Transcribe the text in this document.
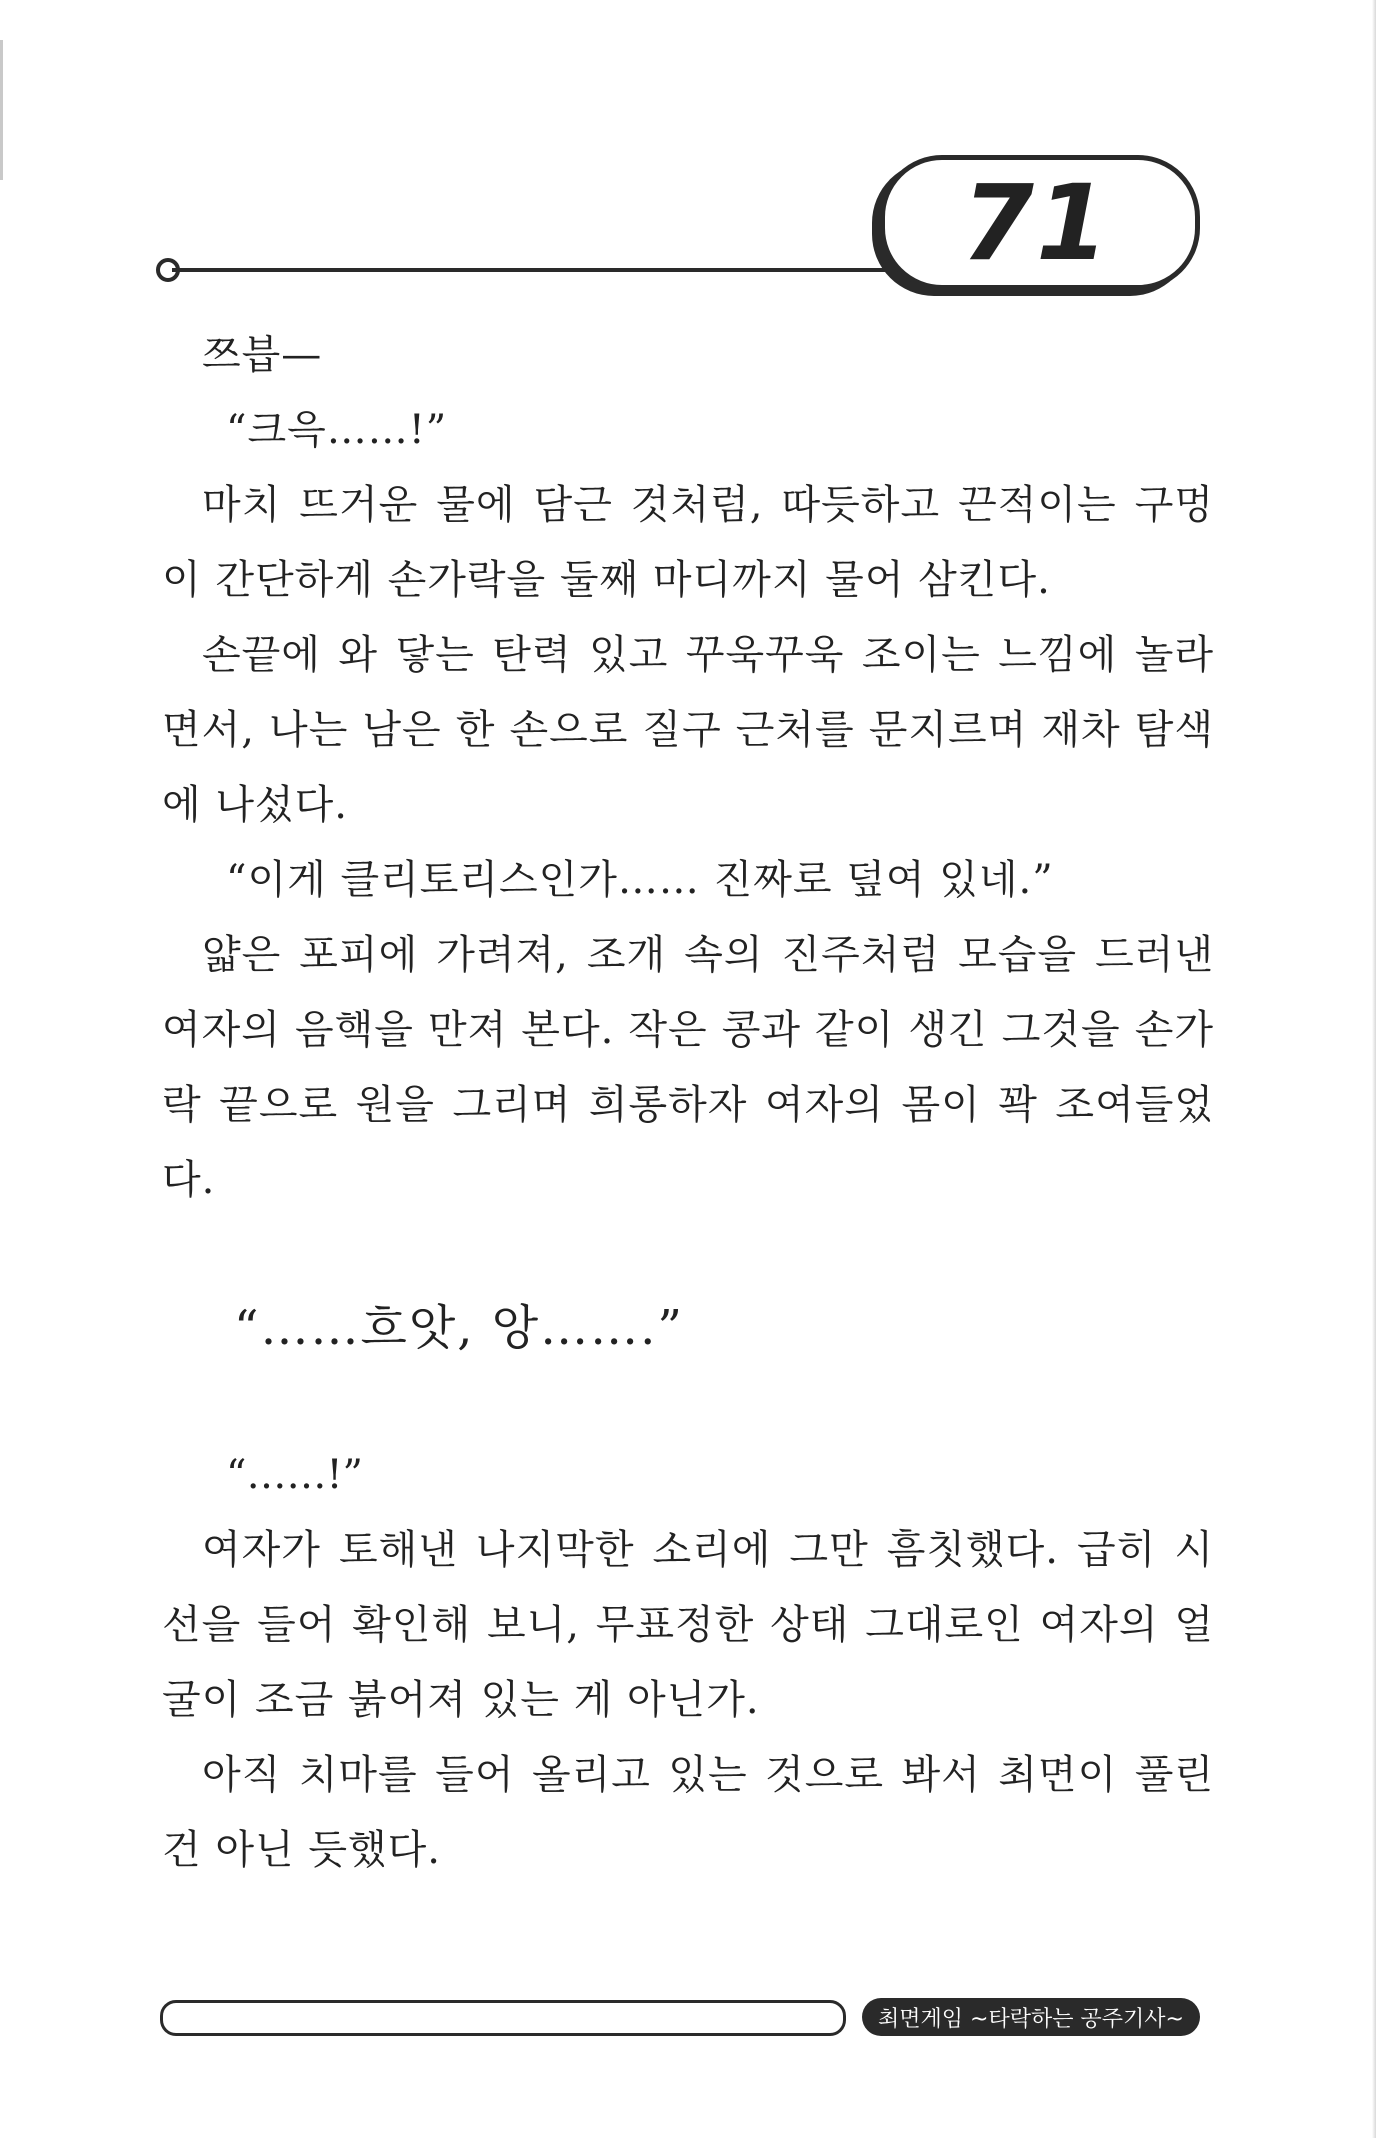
71

쯔븝—

“크윽……!”

마치 뜨거운 물에 담근 것처럼, 따듯하고 끈적이는 구멍이 간단하게 손가락을 둘째 마디까지 물어 삼킨다.

손끝에 와 닿는 탄력 있고 꾸욱꾸욱 조이는 느낌에 놀라면서, 나는 남은 한 손으로 질구 근처를 문지르며 재차 탐색에 나섰다.

“이게 클리토리스인가…… 진짜로 덮여 있네.”

얇은 포피에 가려져, 조개 속의 진주처럼 모습을 드러낸 여자의 음핵을 만져 본다. 작은 콩과 같이 생긴 그것을 손가락 끝으로 원을 그리며 희롱하자 여자의 몸이 꽉 조여들었다.

“……흐앗, 앙…….”

“……!”

여자가 토해낸 나지막한 소리에 그만 흠칫했다. 급히 시선을 들어 확인해 보니, 무표정한 상태 그대로인 여자의 얼굴이 조금 붉어져 있는 게 아닌가.

아직 치마를 들어 올리고 있는 것으로 봐서 최면이 풀린 건 아닌 듯했다.

최면게임 ~타락하는 공주기사~
